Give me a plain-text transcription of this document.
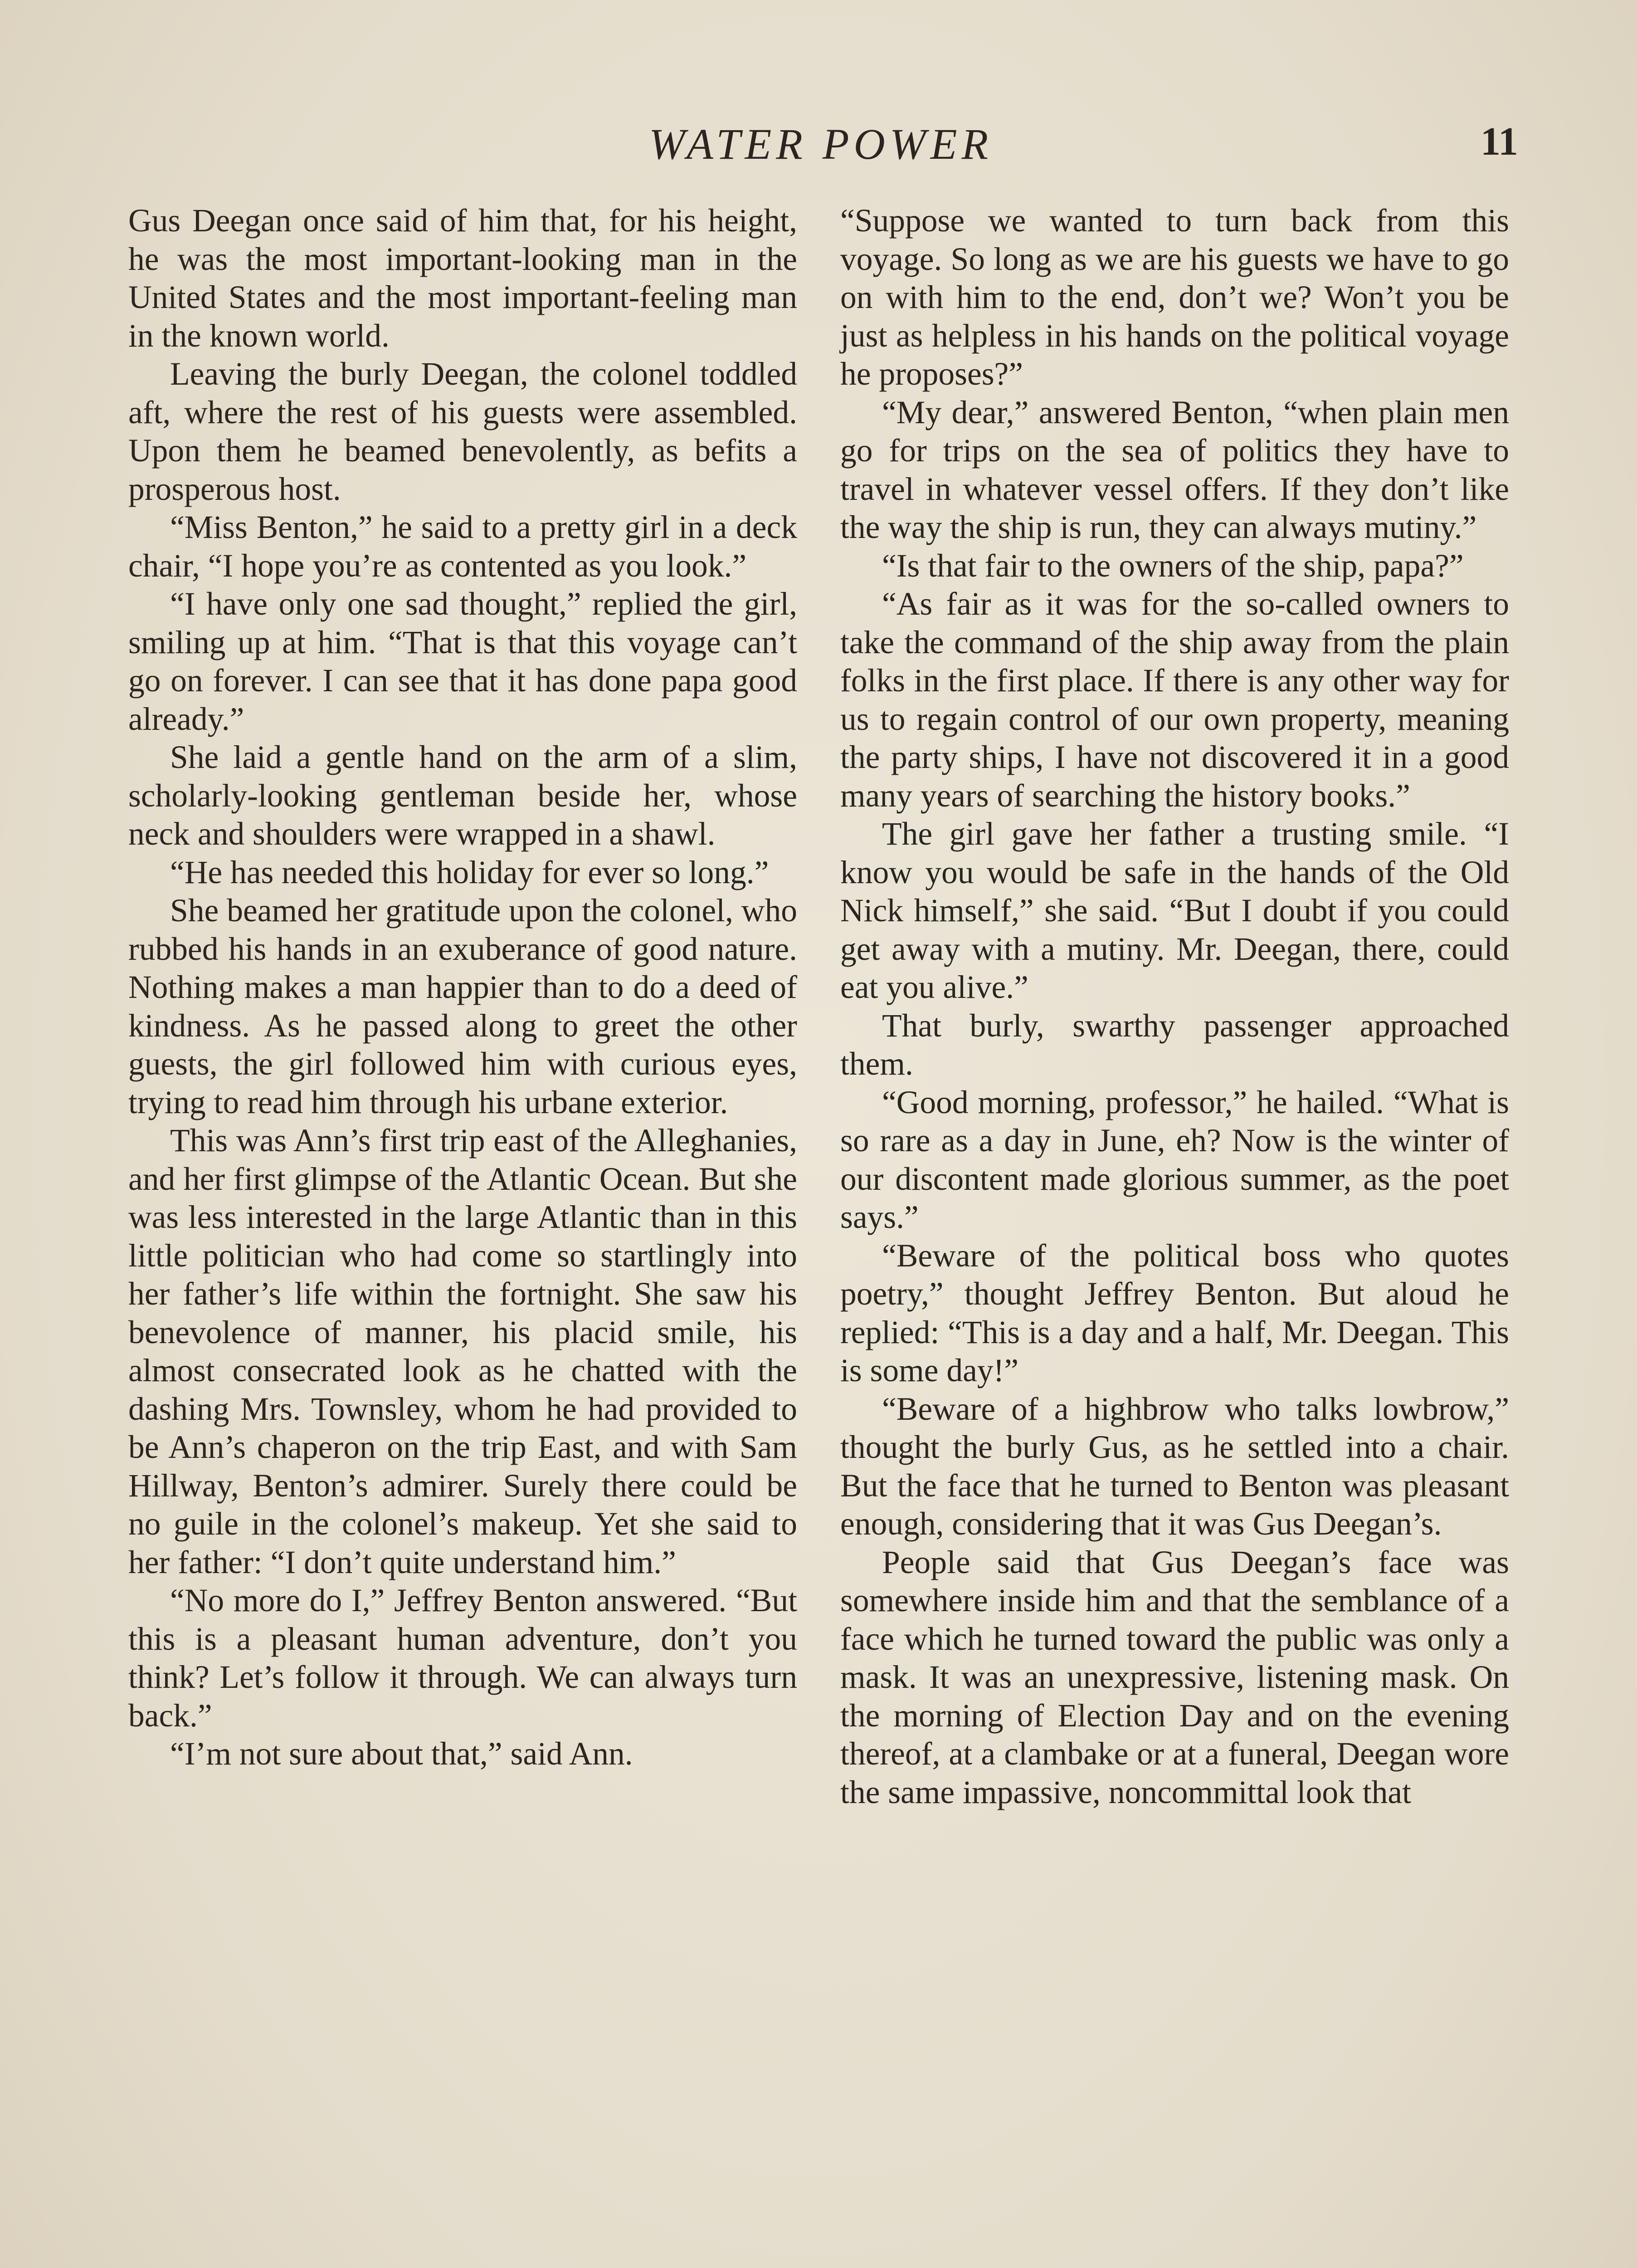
WATER POWER	11

Gus Deegan once said of him that, for his height, he was the most important-looking man in the United States and the most important-feeling man in the known world.

Leaving the burly Deegan, the colonel toddled aft, where the rest of his guests were assembled. Upon them he beamed benevolently, as befits a prosperous host.

“Miss Benton,” he said to a pretty girl in a deck chair, “I hope you’re as contented as you look.”

“I have only one sad thought,” replied the girl, smiling up at him. “That is that this voyage can’t go on forever. I can see that it has done papa good already.”

She laid a gentle hand on the arm of a slim, scholarly-looking gentleman beside her, whose neck and shoulders were wrapped in a shawl.

“He has needed this holiday for ever so long.”

She beamed her gratitude upon the colonel, who rubbed his hands in an exuberance of good nature. Nothing makes a man happier than to do a deed of kindness. As he passed along to greet the other guests, the girl followed him with curious eyes, trying to read him through his urbane exterior.

This was Ann’s first trip east of the Alleghanies, and her first glimpse of the Atlantic Ocean. But she was less interested in the large Atlantic than in this little politician who had come so startlingly into her father’s life within the fortnight. She saw his benevolence of manner, his placid smile, his almost consecrated look as he chatted with the dashing Mrs. Townsley, whom he had provided to be Ann’s chaperon on the trip East, and with Sam Hillway, Benton’s admirer. Surely there could be no guile in the colonel’s makeup. Yet she said to her father: “I don’t quite understand him.”

“No more do I,” Jeffrey Benton answered. “But this is a pleasant human adventure, don’t you think? Let’s follow it through. We can always turn back.”

“I’m not sure about that,” said Ann.

“Suppose we wanted to turn back from this voyage. So long as we are his guests we have to go on with him to the end, don’t we? Won’t you be just as helpless in his hands on the political voyage he proposes?”

“My dear,” answered Benton, “when plain men go for trips on the sea of politics they have to travel in whatever vessel offers. If they don’t like the way the ship is run, they can always mutiny.”

“Is that fair to the owners of the ship, papa?”

“As fair as it was for the so-called owners to take the command of the ship away from the plain folks in the first place. If there is any other way for us to regain control of our own property, meaning the party ships, I have not discovered it in a good many years of searching the history books.”

The girl gave her father a trusting smile. “I know you would be safe in the hands of the Old Nick himself,” she said. “But I doubt if you could get away with a mutiny. Mr. Deegan, there, could eat you alive.”

That burly, swarthy passenger approached them.

“Good morning, professor,” he hailed. “What is so rare as a day in June, eh? Now is the winter of our discontent made glorious summer, as the poet says.”

“Beware of the political boss who quotes poetry,” thought Jeffrey Benton. But aloud he replied: “This is a day and a half, Mr. Deegan. This is some day!”

“Beware of a highbrow who talks lowbrow,” thought the burly Gus, as he settled into a chair. But the face that he turned to Benton was pleasant enough, considering that it was Gus Deegan’s.

People said that Gus Deegan’s face was somewhere inside him and that the semblance of a face which he turned toward the public was only a mask. It was an unexpressive, listening mask. On the morning of Election Day and on the evening thereof, at a clambake or at a funeral, Deegan wore the same impassive, noncommittal look that
